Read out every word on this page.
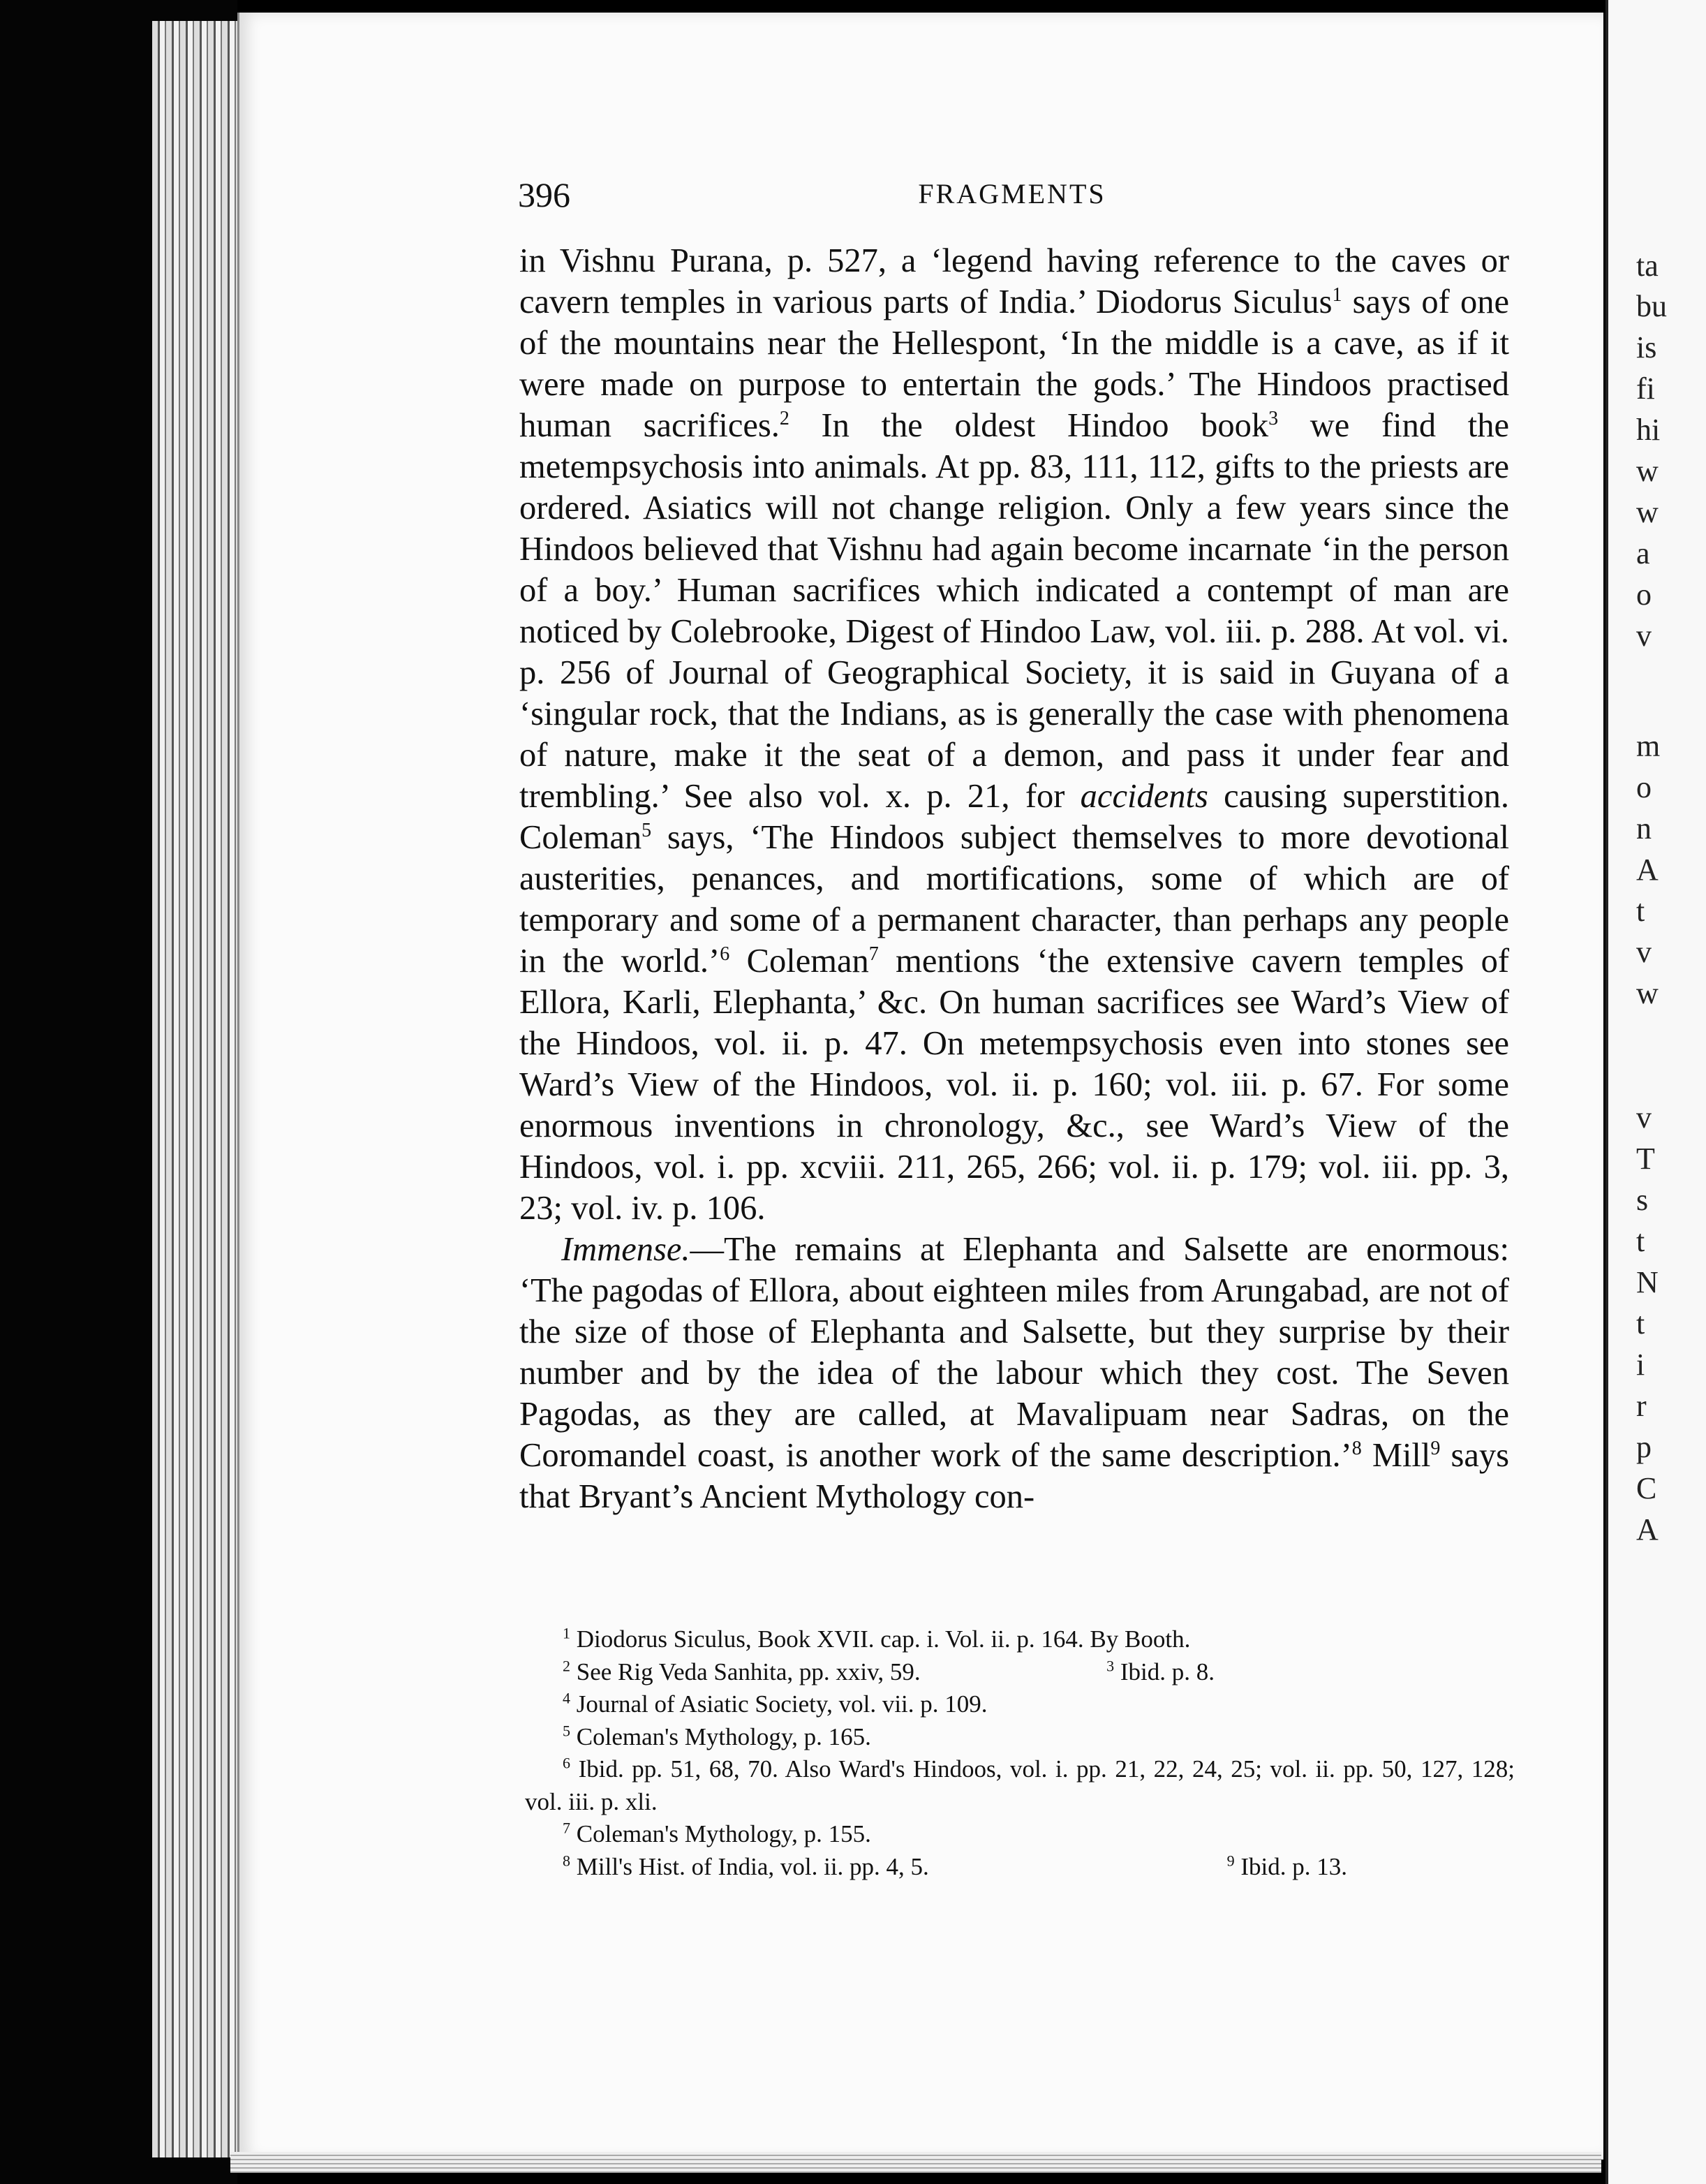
ta
bu
is
fi
hi
w
w
a
o
v
m
o
n
A
t
v
w
v
T
s
t
N
t
i
r
p
C
A
396	FRAGMENTS

in Vishnu Purana, p. 527, a ‘legend having reference to the caves or cavern temples in various parts of India.’ Diodorus Siculus$^1$ says of one of the mountains near the Hellespont, ‘In the middle is a cave, as if it were made on purpose to entertain the gods.’ The Hindoos practised human sacrifices.$^2$ In the oldest Hindoo book$^3$ we find the metempsychosis into animals. At pp. 83, 111, 112, gifts to the priests are ordered. Asiatics will not change religion. Only a few years since the Hindoos believed that Vishnu had again become incarnate ‘in the person of a boy.’ Human sacrifices which indicated a contempt of man are noticed by Colebrooke, Digest of Hindoo Law, vol. iii. p. 288. At vol. vi. p. 256 of Journal of Geographical Society, it is said in Guyana of a ‘singular rock, that the Indians, as is generally the case with phenomena of nature, make it the seat of a demon, and pass it under fear and trembling.’ See also vol. x. p. 21, for accidents causing superstition. Coleman$^5$ says, ‘The Hindoos subject themselves to more devotional austerities, penances, and mortifications, some of which are of temporary and some of a permanent character, than perhaps any people in the world.’$^6$ Coleman$^7$ mentions ‘the extensive cavern temples of Ellora, Karli, Elephanta,’ &c. On human sacrifices see Ward’s View of the Hindoos, vol. ii. p. 47. On metempsychosis even into stones see Ward’s View of the Hindoos, vol. ii. p. 160; vol. iii. p. 67. For some enormous inventions in chronology, &c., see Ward’s View of the Hindoos, vol. i. pp. xcviii. 211, 265, 266; vol. ii. p. 179; vol. iii. pp. 3, 23; vol. iv. p. 106.

Immense.—The remains at Elephanta and Salsette are enormous: ‘The pagodas of Ellora, about eighteen miles from Arungabad, are not of the size of those of Elephanta and Salsette, but they surprise by their number and by the idea of the labour which they cost. The Seven Pagodas, as they are called, at Mavalipuam near Sadras, on the Coromandel coast, is another work of the same description.’$^8$ Mill$^9$ says that Bryant’s Ancient Mythology con-

$^1$ Diodorus Siculus, Book XVII. cap. i. Vol. ii. p. 164. By Booth.

$^2$ See Rig Veda Sanhita, pp. xxiv, 59.	$^3$ Ibid. p. 8.

$^4$ Journal of Asiatic Society, vol. vii. p. 109.

$^5$ Coleman's Mythology, p. 165.

$^6$ Ibid. pp. 51, 68, 70. Also Ward's Hindoos, vol. i. pp. 21, 22, 24, 25; vol. ii. pp. 50, 127, 128; vol. iii. p. xli.

$^7$ Coleman's Mythology, p. 155.

$^8$ Mill's Hist. of India, vol. ii. pp. 4, 5.	$^9$ Ibid. p. 13.
